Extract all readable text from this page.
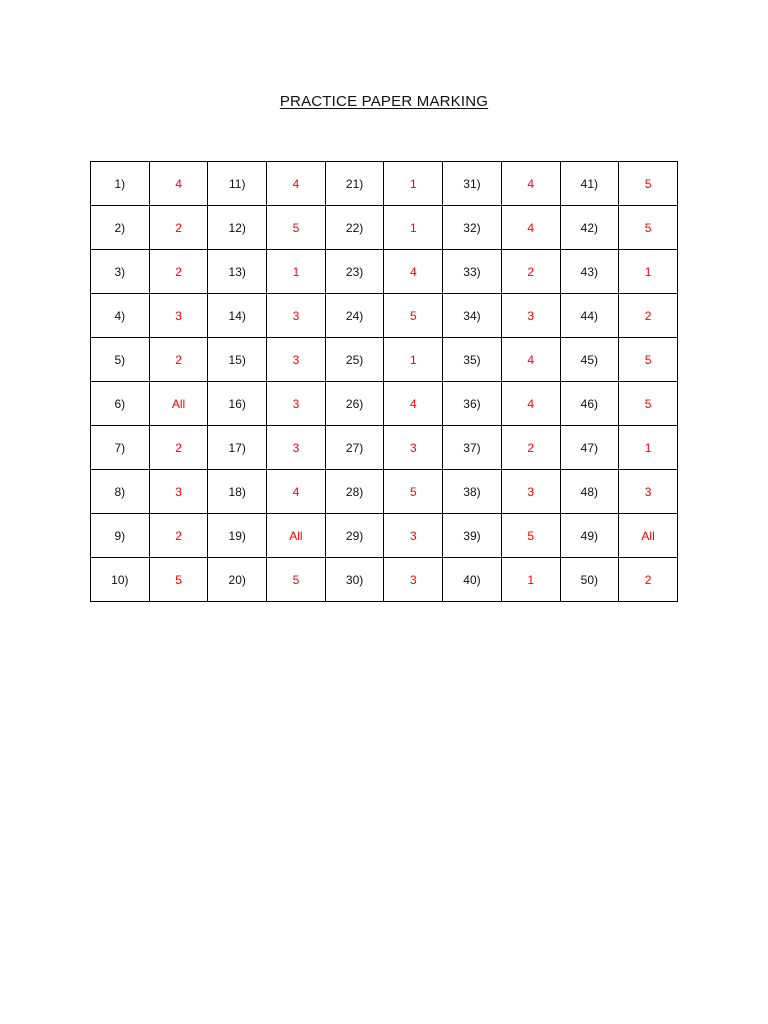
PRACTICE PAPER MARKING
1)	4	11)	4	21)	1	31)	4	41)	5
2)	2	12)	5	22)	1	32)	4	42)	5
3)	2	13)	1	23)	4	33)	2	43)	1
4)	3	14)	3	24)	5	34)	3	44)	2
5)	2	15)	3	25)	1	35)	4	45)	5
6)	All	16)	3	26)	4	36)	4	46)	5
7)	2	17)	3	27)	3	37)	2	47)	1
8)	3	18)	4	28)	5	38)	3	48)	3
9)	2	19)	All	29)	3	39)	5	49)	All
10)	5	20)	5	30)	3	40)	1	50)	2
